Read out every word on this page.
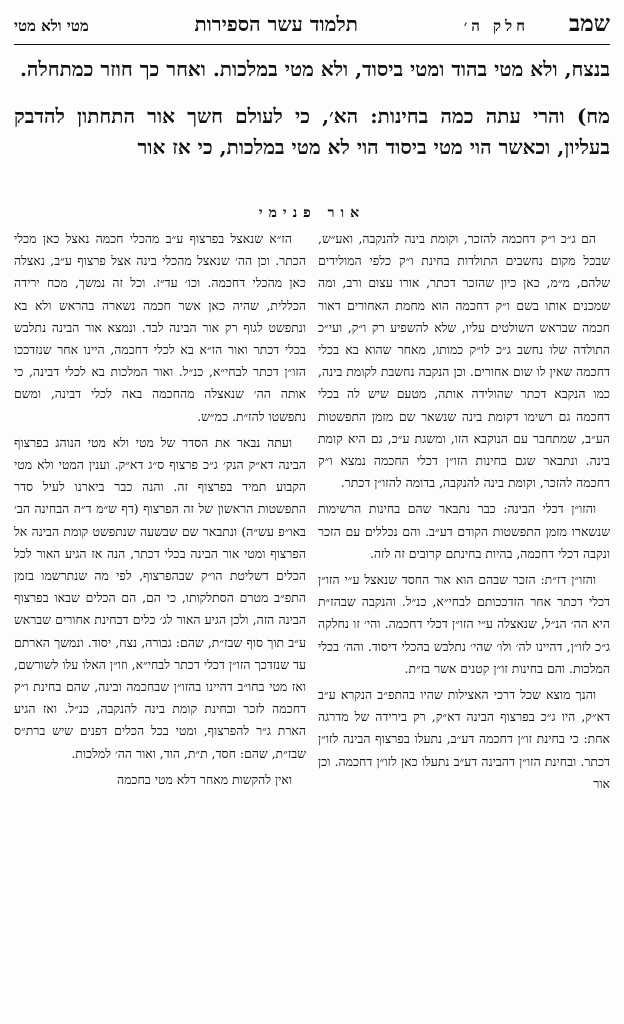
שמב
חלק ה׳
תלמוד עשר הספירות
מטי ולא מטי

בנצח, ולא מטי בהוד ומטי ביסוד, ולא מטי במלכות. ואחר כך חוזר כמתחלה.

מח) והרי עתה כמה בחינות: הא׳, כי לעולם חשך אור התחתון להדבק בעליון, וכאשר הוי מטי ביסוד הוי לא מטי במלכות, כי אז אור

אור פנימי

הם ג״כ ו״ק דחכמה להזכר, וקומת בינה להנקבה, ואע״ש, שבכל מקום נחשבים התולדות בחינת ו״ק כלפי המולידים שלהם, מ״מ, כאן כיון שהזכר דכתר, אורו עצום ורב, ומה שמכנים אותו בשם ו״ק דחכמה הוא מחמת האחורים דאור חכמה שבראש השולטים עליו, שלא להשפיע רק ו״ק, ועי״כ התולדה שלו נחשב ג״כ לו״ק כמותו, מאחר שהוא בא בכלי דחכמה שאין לו שום אחורים. וכן הנקבה נחשבת לקומת בינה, כמו הנקבא דכתר שהולידה אותה, מטעם שיש לה בכלי דחכמה גם רשימו דקומת בינה שנשאר שם מזמן התפשטות הע״ב, שמתחבר עם הנוקבא הזו, ומשגת ע״כ, גם היא קומת בינה. ונתבאר שגם בחינות הזו״ן דכלי החכמה נמצא ו״ק דחכמה להזכר, וקומת בינה להנקבה, בדומה להזו״ן דכתר.

והזו״ן דכלי הבינה: כבר נתבאר שהם בחינות הרשימות שנשארו מזמן התפשטות הקודם דע״ב. והם נכללים עם הזכר ונקבה דכלי דחכמה, בהיות בחינתם קרובים זה לזה.

והזו״ן דז״ת: הזכר שבהם הוא אור החסד שנאצל ע״י הזו״ן דכלי דכתר אחר הזדככותם לבחי״א, כנ״ל. והנקבה שבהז״ת היא הה׳ הנ״ל, שנאצלה ע״י הזו״ן דכלי דחכמה. והי׳ זו נחלקה ג״כ לזו״ן, דהיינו לה׳ ולו׳ שהי׳ נתלבש בהכלי דיסוד. והה׳ בכלי המלכות. והם בחינות זו״ן קטנים אשר בז״ת.

והנך מוצא שכל דרכי האצילות שהיו בהתפ״ב הנקרא ע״ב דא״ק, היו ג״כ בפרצוף הבינה דא״ק, רק בירידה של מדרגה אחת: כי בחינת זו״ן דחכמה דע״ב, נתעלו בפרצוף הבינה לזו״ן דכתר. ובחינת הזו״ן דהבינה דע״ב נתעלו כאן לזו״ן דחכמה. וכן אור

הז״א שנאצל בפרצוף ע״ב מהכלי חכמה נאצל כאן מכלי הכתר. וכן הה׳ שנאצל מהכלי בינה אצל פרצוף ע״ב, נאצלה כאן מהכלי דחכמה. וכו׳ עד״ז. וכל זה נמשך, מכח ירידה הכללית, שהיה כאן אשר חכמה נשארה בהראש ולא בא ונתפשט לגוף רק אור הבינה לבד. ונמצא אור הבינה נתלבש בכלי דכתר ואור הז״א בא לכלי דחכמה, היינו אחר שנזדככו הזו״ן דכתר לבחי״א, כנ״ל. ואור המלכות בא לכלי דבינה, כי אותה הה׳ שנאצלה מהחכמה באה לכלי דבינה, ומשם נתפשטו להז״ת. כמ״ש.

ועתה נבאר את הסדר של מטי ולא מטי הנוהג בפרצוף הבינה דא״ק הנק׳ ג״כ פרצוף ס״ג דא״ק. וענין המטי ולא מטי הקבוע תמיד בפרצוף זה. והנה כבר ביארנו לעיל סדר התפשטות הראשון של זה הפרצוף (דף ש״מ ד״ה הבחינה הב׳ באו״פ עש״ה) ונתבאר שם שבשעה שנתפשט קומת הבינה אל הפרצוף ומטי אור הבינה בכלי דכתר, הנה אז הגיע האור לכל הכלים דשליטת הו״ק שבהפרצוף, לפי מה שנתרשמו בזמן התפ״ב מטרם הסתלקותו, כי הם, הם הכלים שבאו בפרצוף הבינה הזה, ולכן הגיע האור לג׳ כלים דבחינת אחורים שבראש ע״ב תוך סוף שבז״ת, שהם: גבורה, נצח, יסוד. ונמשך הארתם עד שנזדכך הזו״ן דכלי דכתר לבחי״א, וזו״ן האלו עלו לשורשם, ואז מטי בחו״ב דהיינו בהזו״ן שבחכמה ובינה, שהם בחינת ו״ק דחכמה לזכר ובחינת קומת בינה להנקבה, כנ״ל. ואז הגיע הארת ג״ר להפרצוף, ומטי בכל הכלים דפנים שיש ברת״ס שבז״ת, שהם: חסד, ת״ת, הוד, ואור הה׳ למלכות.

ואין להקשות מאחר דלא מטי בחכמה
